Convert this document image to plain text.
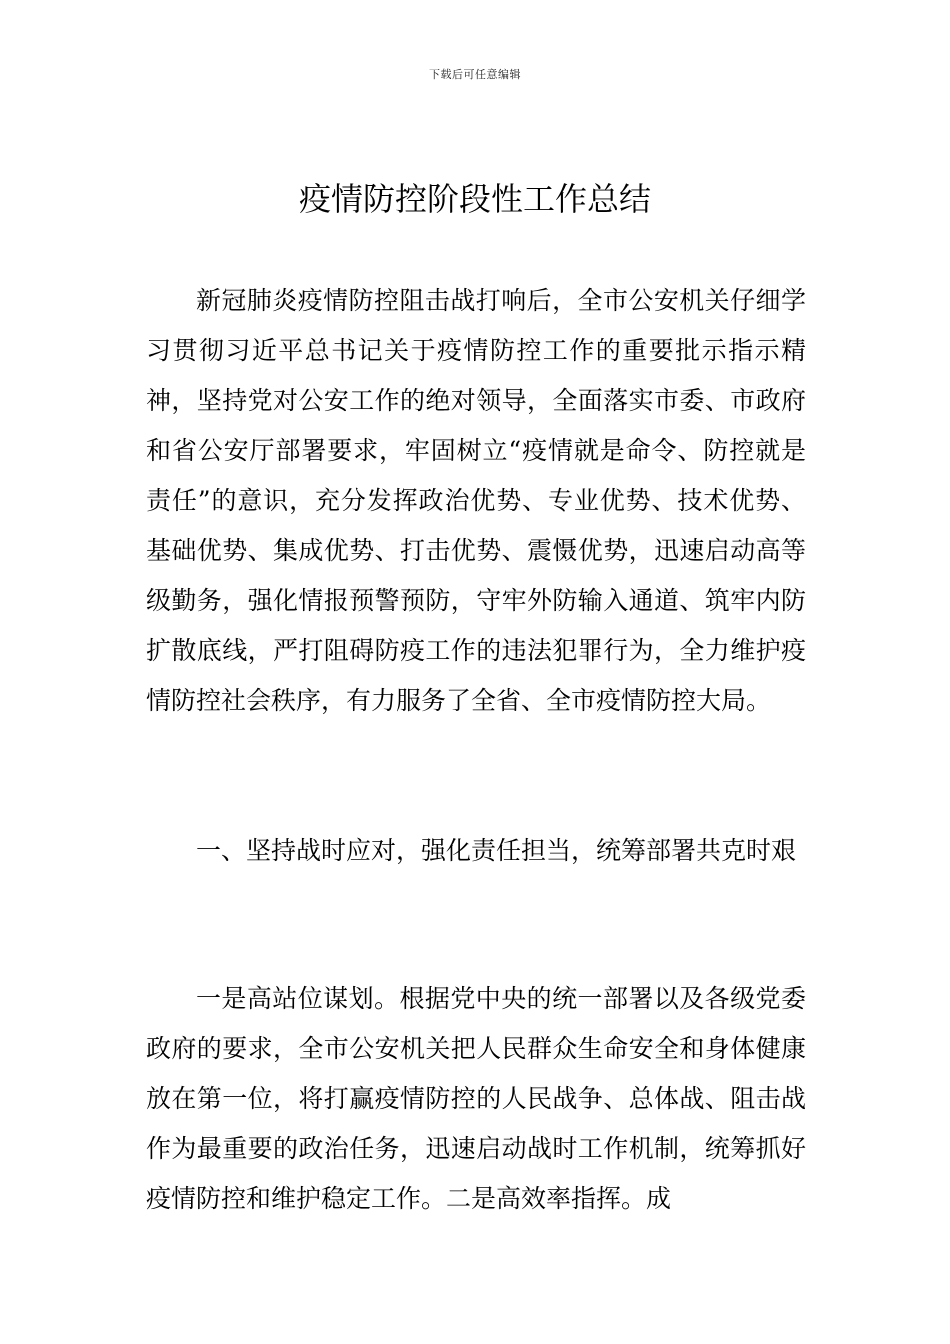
下载后可任意编辑
疫情防控阶段性工作总结

新冠肺炎疫情防控阻击战打响后，全市公安机关仔细学习贯彻习近平总书记关于疫情防控工作的重要批示指示精神，坚持党对公安工作的绝对领导，全面落实市委、市政府和省公安厅部署要求，牢固树立“疫情就是命令、防控就是责任”的意识，充分发挥政治优势、专业优势、技术优势、基础优势、集成优势、打击优势、震慑优势，迅速启动高等级勤务，强化情报预警预防，守牢外防输入通道、筑牢内防扩散底线，严打阻碍防疫工作的违法犯罪行为，全力维护疫情防控社会秩序，有力服务了全省、全市疫情防控大局。

一、坚持战时应对，强化责任担当，统筹部署共克时艰

一是高站位谋划。根据党中央的统一部署以及各级党委政府的要求，全市公安机关把人民群众生命安全和身体健康放在第一位，将打赢疫情防控的人民战争、总体战、阻击战作为最重要的政治任务，迅速启动战时工作机制，统筹抓好疫情防控和维护稳定工作。二是高效率指挥。成
